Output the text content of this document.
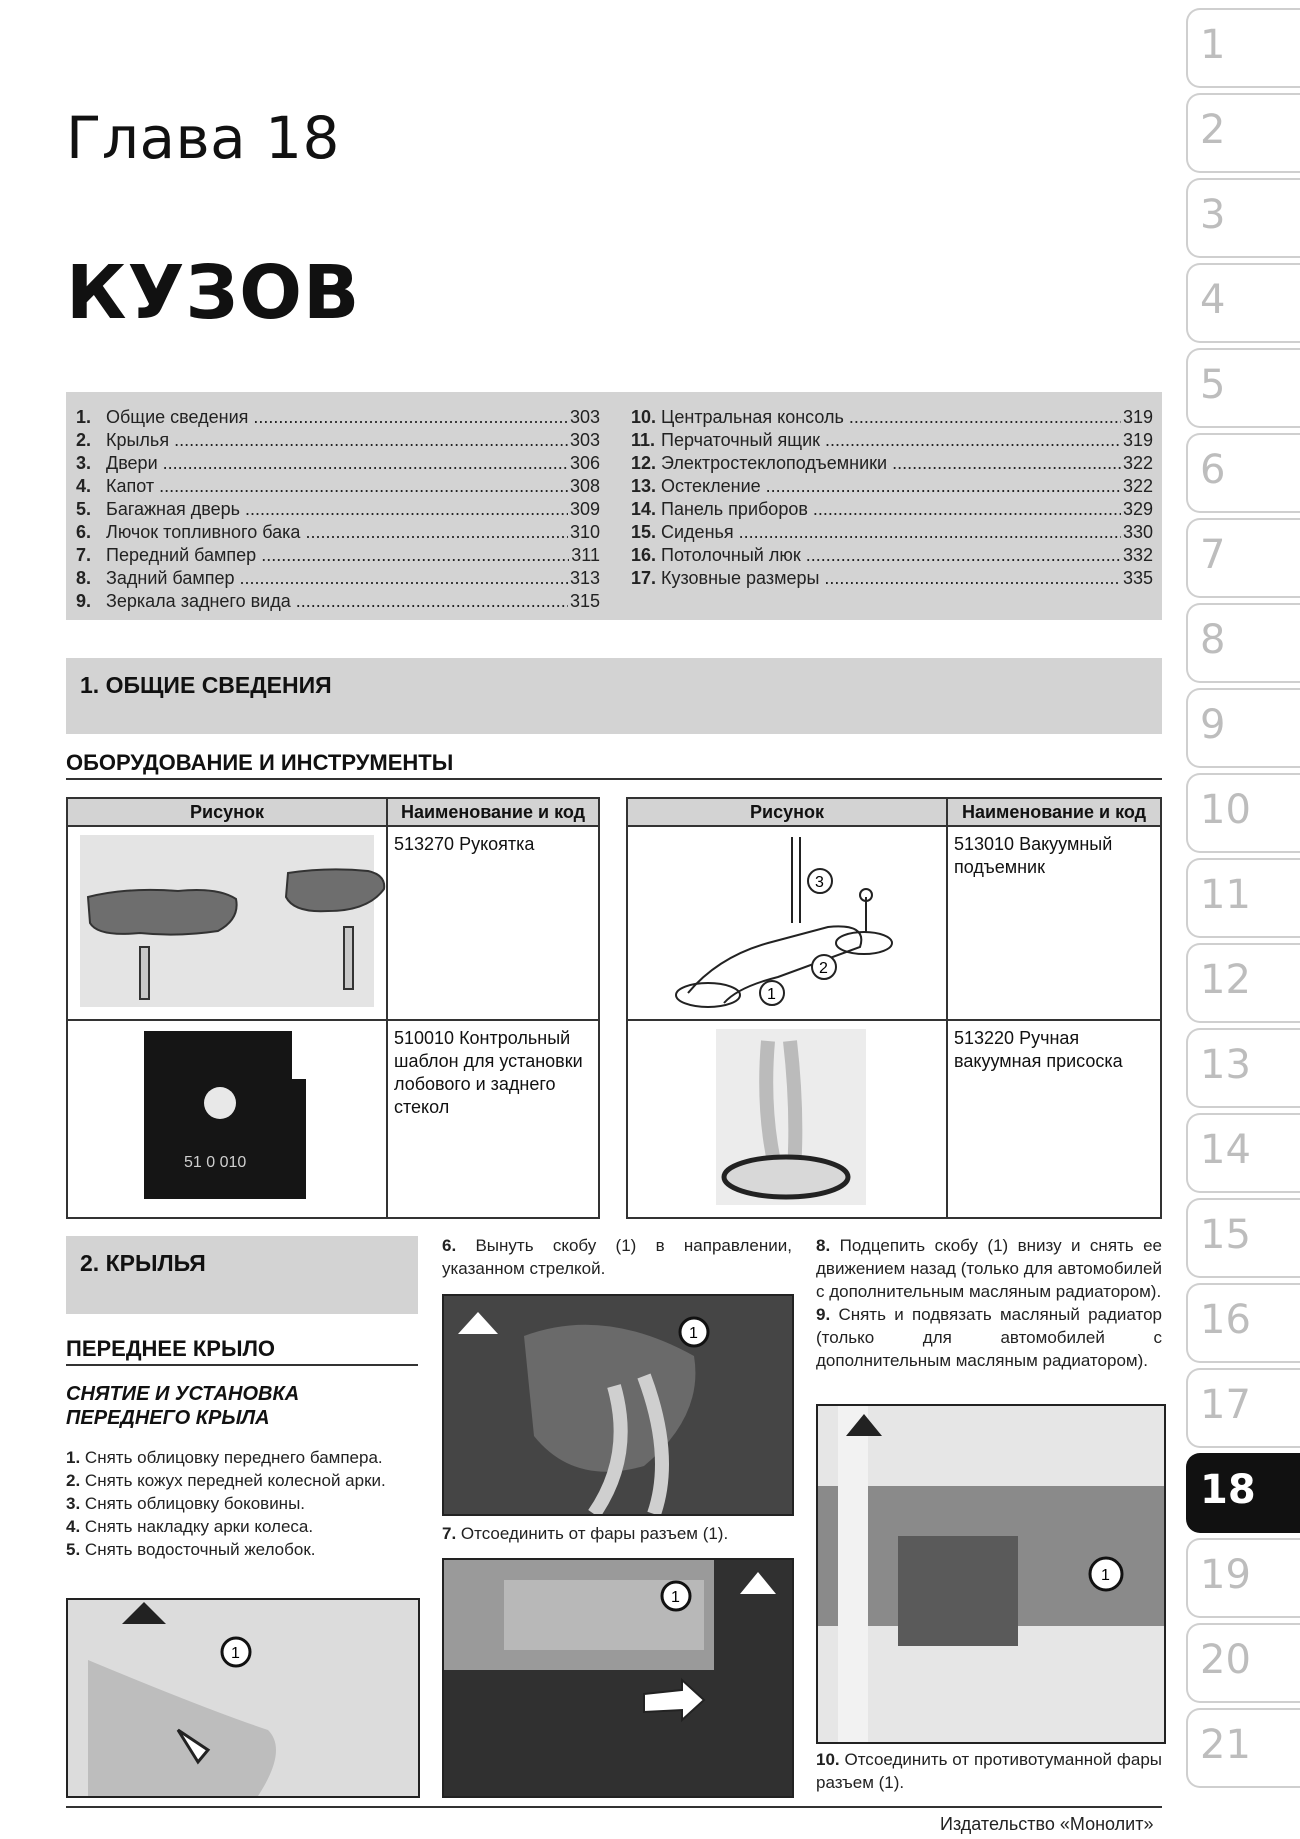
Глава 18
КУЗОВ
1. Общие сведения .....	303
2. Крылья .....	303
3. Двери .....	306
4. Капот .....	308
5. Багажная дверь .....	309
6. Лючок топливного бака .....	310
7. Передний бампер .....	311
8. Задний бампер .....	313
9. Зеркала заднего вида .....	315
10. Центральная консоль .....	319
11. Перчаточный ящик .....	319
12. Электростеклоподъемники .....	322
13. Остекление .....	322
14. Панель приборов .....	329
15. Сиденья .....	330
16. Потолочный люк .....	332
17. Кузовные размеры .....	335
1. ОБЩИЕ СВЕДЕНИЯ
ОБОРУДОВАНИЕ И ИНСТРУМЕНТЫ
Рисунок	Наименование и код
	513270 Рукоятка

51 0 010	510010 Контрольный шаблон для установки лобового и заднего стекол
Рисунок	Наименование и код

3
2
1	513010 Вакуумный подъемник
	513220 Ручная вакуумная присоска
2. КРЫЛЬЯ
ПЕРЕДНЕЕ КРЫЛО
СНЯТИЕ И УСТАНОВКА ПЕРЕДНЕГО КРЫЛА
1. Снять облицовку переднего бампера.
2. Снять кожух передней колесной арки.
3. Снять облицовку боковины.
4. Снять накладку арки колеса.
5. Снять водосточный желобок.
1
6. Вынуть скобу (1) в направлении, указанном стрелкой.
1
7. Отсоединить от фары разъем (1).
1
8. Подцепить скобу (1) внизу и снять ее движением назад (только для автомобилей с дополнительным масляным радиатором).
9. Снять и подвязать масляный радиатор (только для автомобилей с дополнительным масляным радиатором).
1
10. Отсоединить от противотуманной фары разъем (1).
Издательство «Монолит»
1
2
3
4
5
6
7
8
9
10
11
12
13
14
15
16
17
18
19
20
21
